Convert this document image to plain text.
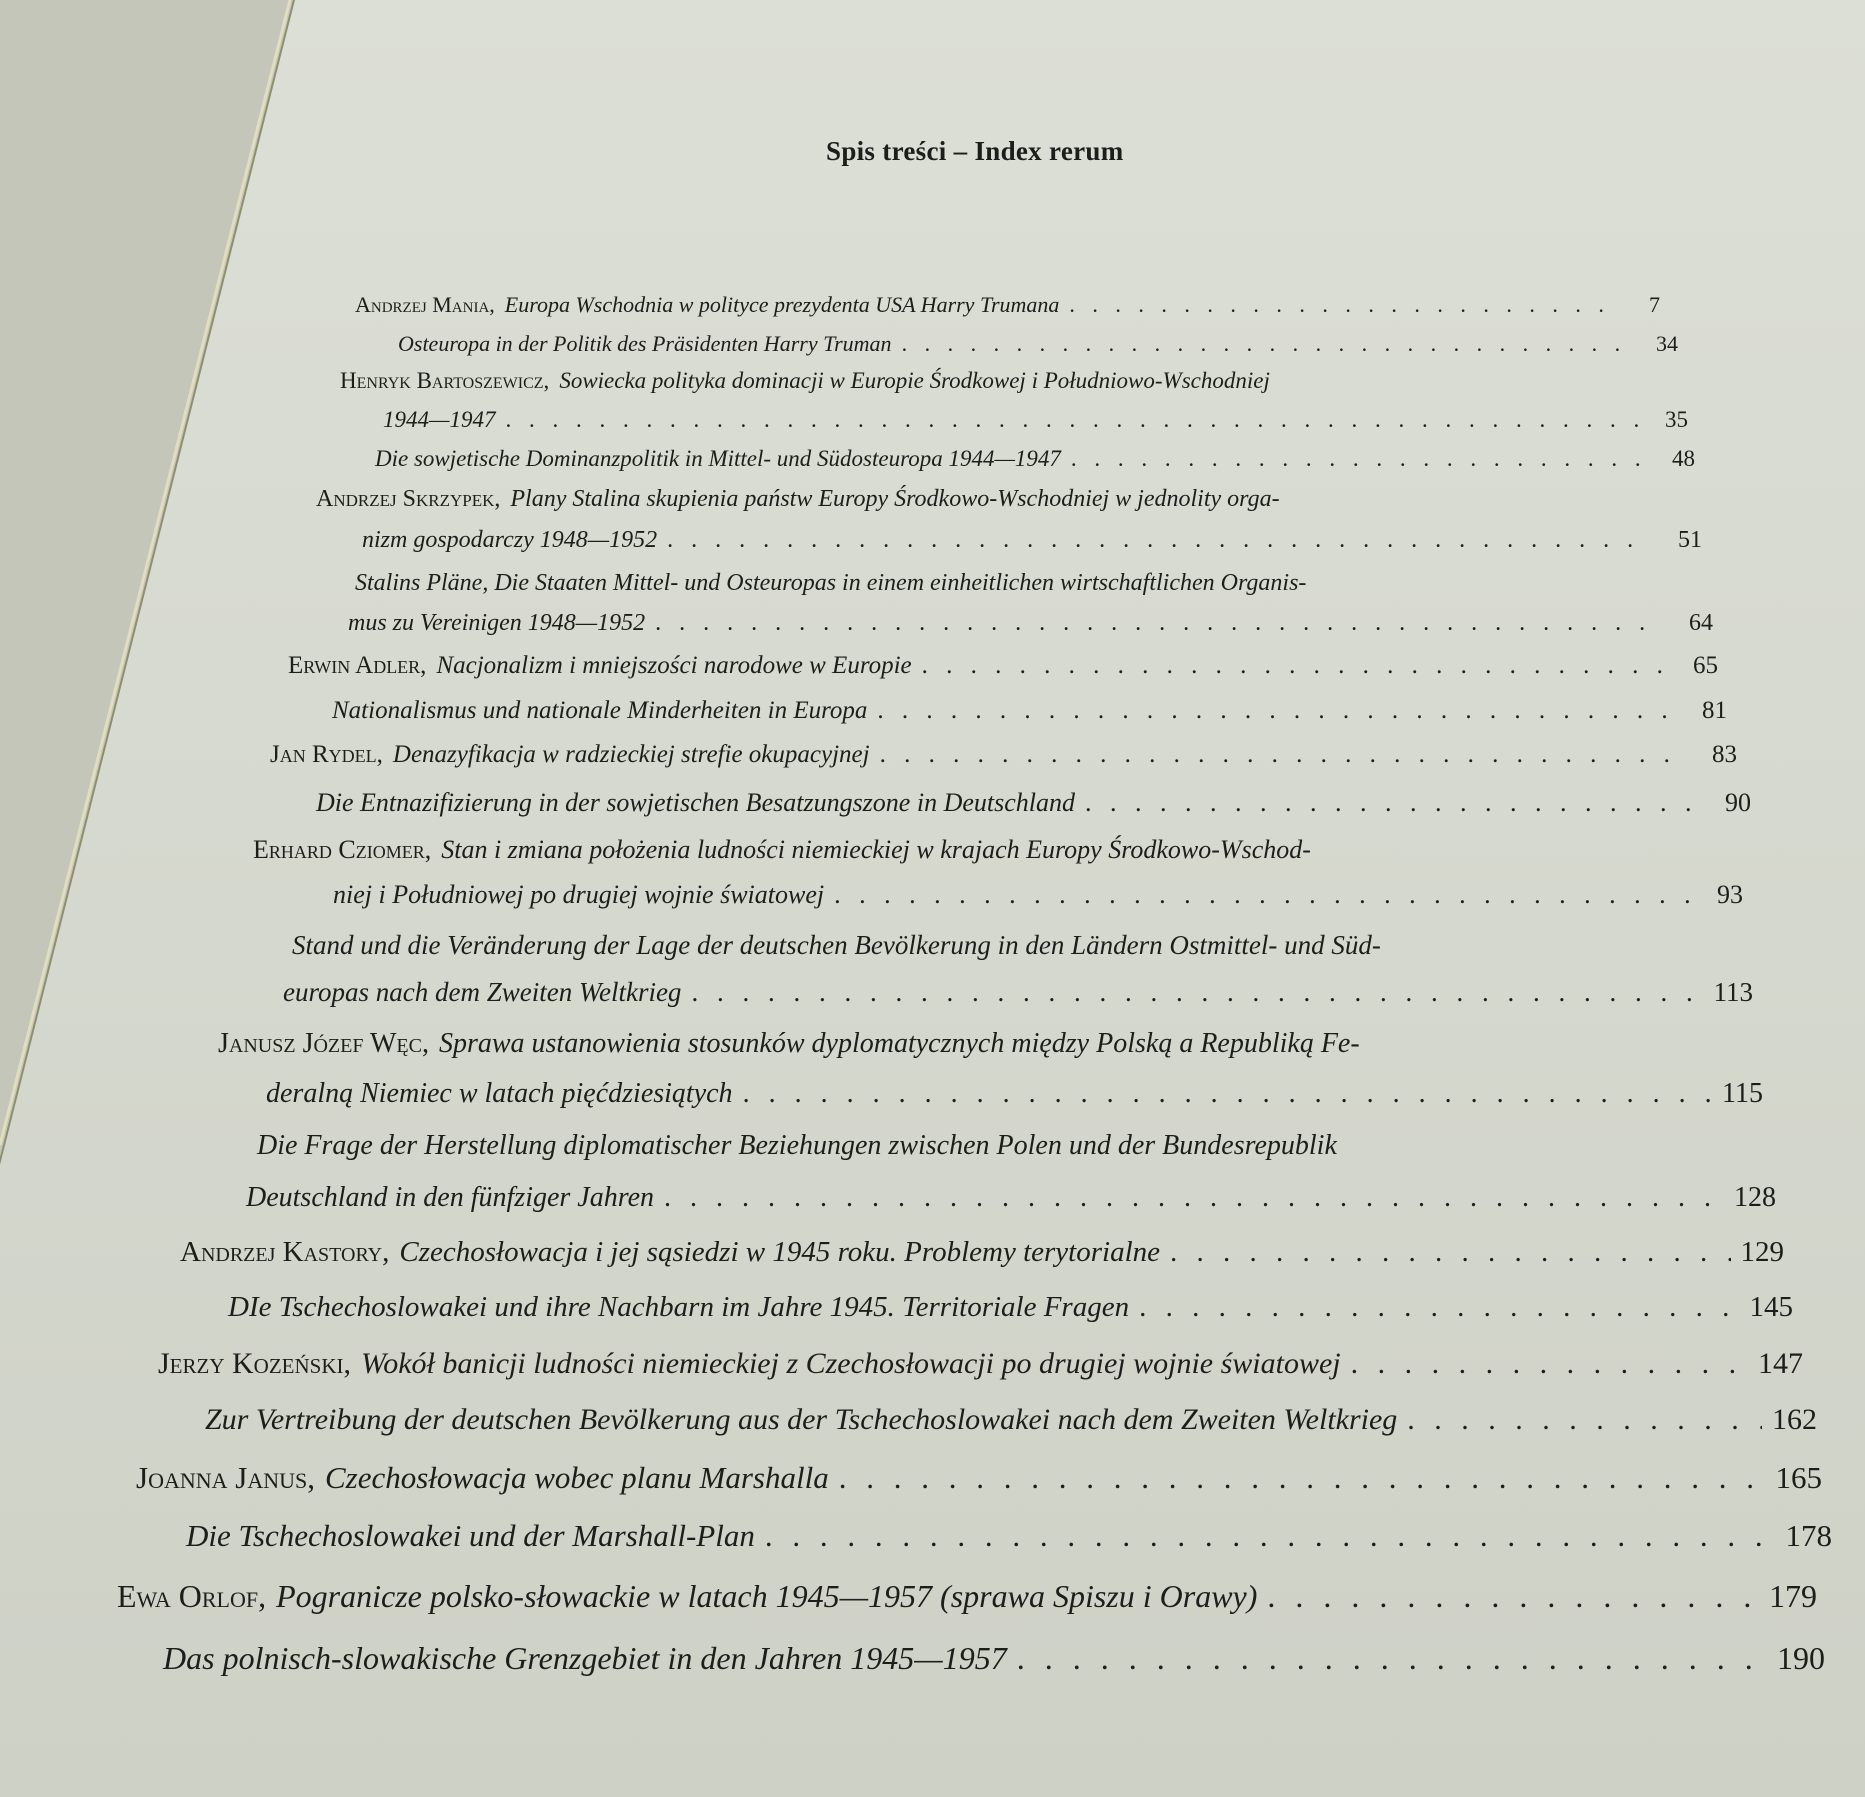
Spis treści – Index rerum
Andrzej Mania, Europa Wschodnia w polityce prezydenta USA Harry Trumana . . .	7
Osteuropa in der Politik des Präsidenten Harry Truman . . .	34
Henryk Bartoszewicz, Sowiecka polityka dominacji w Europie Środkowej i Południowo-Wschodniej
1944—1947 . . .	35
Die sowjetische Dominanzpolitik in Mittel- und Südosteuropa 1944—1947 . . .	48
Andrzej Skrzypek, Plany Stalina skupienia państw Europy Środkowo-Wschodniej w jednolity orga-
nizm gospodarczy 1948—1952 . . .	51
Stalins Pläne, Die Staaten Mittel- und Osteuropas in einem einheitlichen wirtschaftlichen Organis-
mus zu Vereinigen 1948—1952 . . .	64
Erwin Adler, Nacjonalizm i mniejszości narodowe w Europie . . .	65
Nationalismus und nationale Minderheiten in Europa . . .	81
Jan Rydel, Denazyfikacja w radzieckiej strefie okupacyjnej . . .	83
Die Entnazifizierung in der sowjetischen Besatzungszone in Deutschland . . .	90
Erhard Cziomer, Stan i zmiana położenia ludności niemieckiej w krajach Europy Środkowo-Wschod-
niej i Południowej po drugiej wojnie światowej . . .	93
Stand und die Veränderung der Lage der deutschen Bevölkerung in den Ländern Ostmittel- und Süd-
europas nach dem Zweiten Weltkrieg . . .	113
Janusz Józef Węc, Sprawa ustanowienia stosunków dyplomatycznych między Polską a Republiką Fe-
deralną Niemiec w latach pięćdziesiątych . . .	115
Die Frage der Herstellung diplomatischer Beziehungen zwischen Polen und der Bundesrepublik
Deutschland in den fünfziger Jahren . . .	128
Andrzej Kastory, Czechosłowacja i jej sąsiedzi w 1945 roku. Problemy terytorialne . . .	129
DIe Tschechoslowakei und ihre Nachbarn im Jahre 1945. Territoriale Fragen . . .	145
Jerzy Kozeński, Wokół banicji ludności niemieckiej z Czechosłowacji po drugiej wojnie światowej . . .	147
Zur Vertreibung der deutschen Bevölkerung aus der Tschechoslowakei nach dem Zweiten Weltkrieg . . .	162
Joanna Janus, Czechosłowacja wobec planu Marshalla . . .	165
Die Tschechoslowakei und der Marshall-Plan . . .	178
Ewa Orlof, Pogranicze polsko-słowackie w latach 1945—1957 (sprawa Spiszu i Orawy) . . .	179
Das polnisch-slowakische Grenzgebiet in den Jahren 1945—1957 . . .	190
